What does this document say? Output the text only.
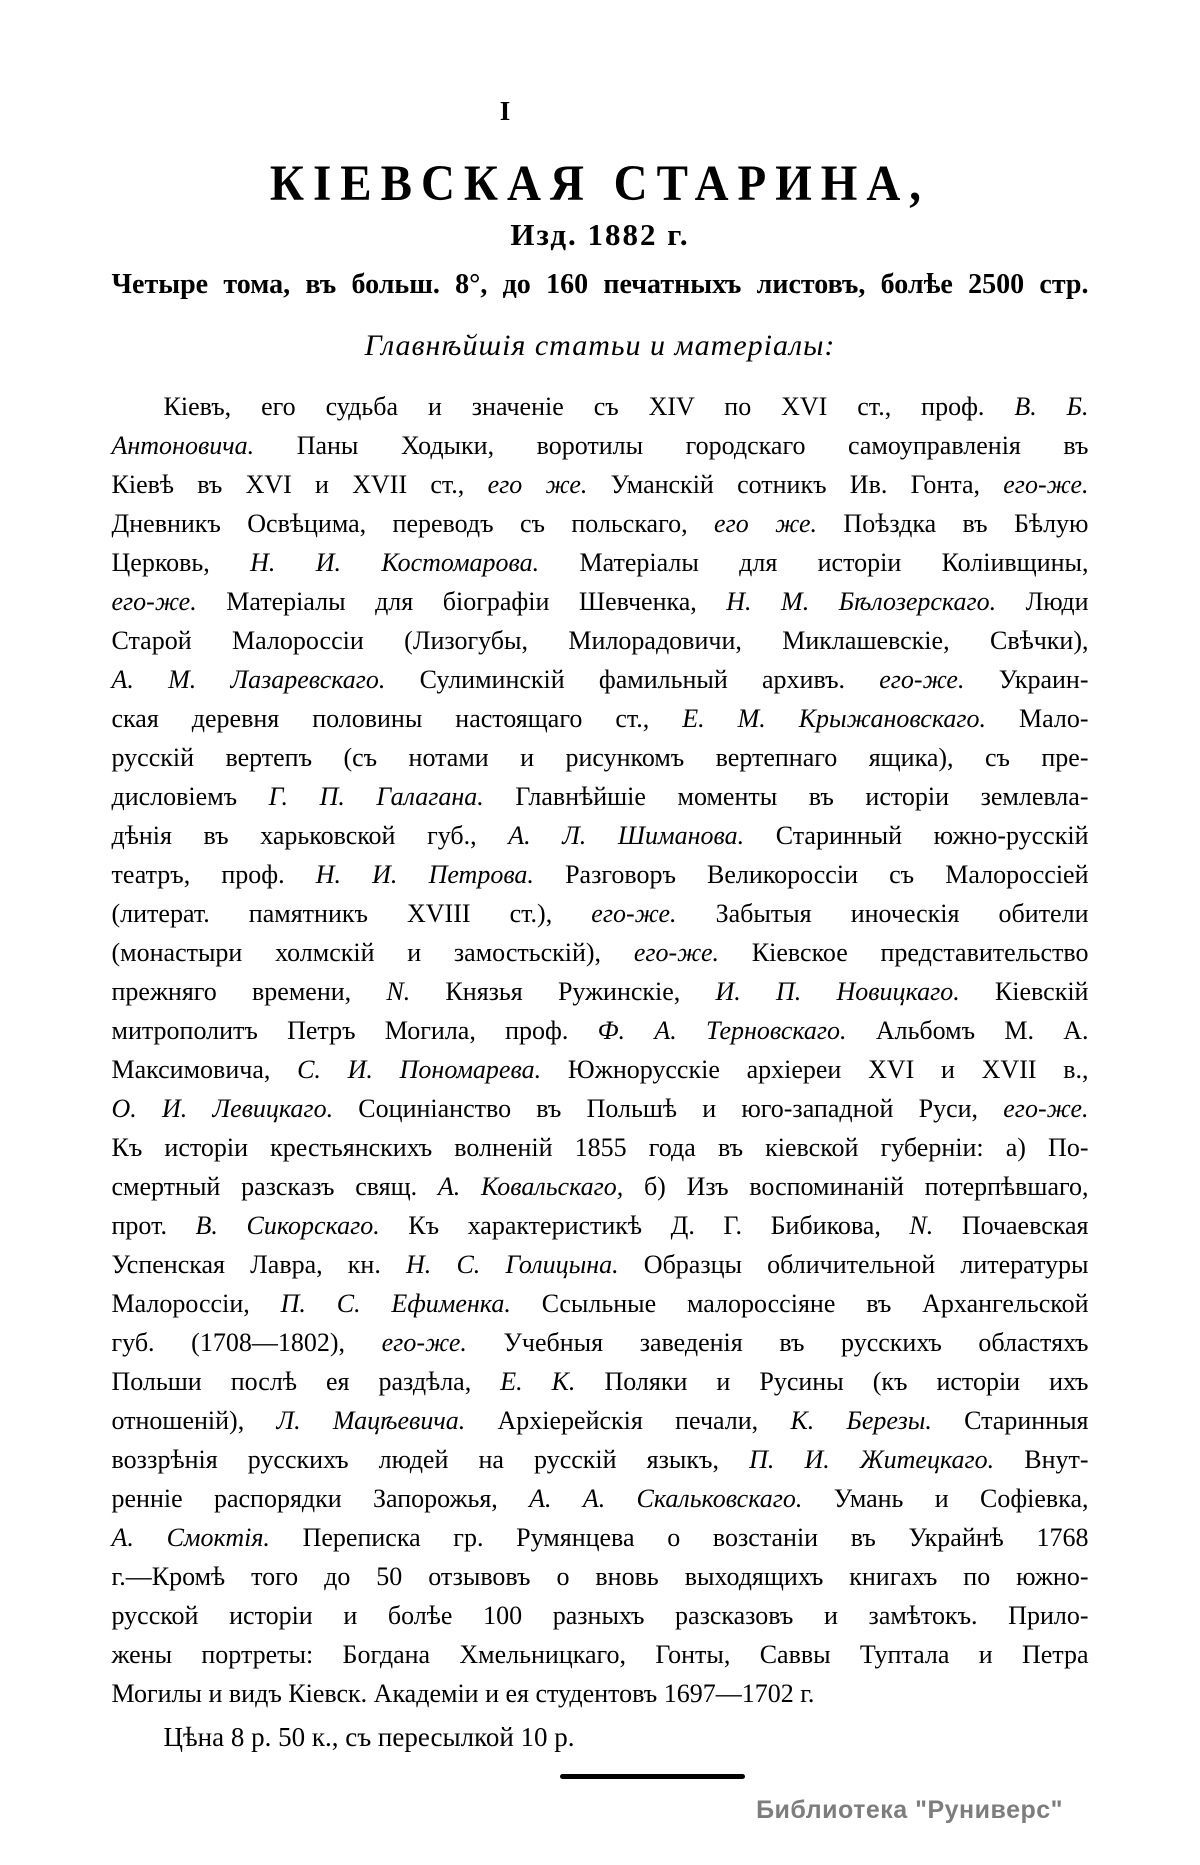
I
КІЕВСКАЯ СТАРИНА,
Изд. 1882 г.
Четыре тома, въ больш. 8°, до 160 печатныхъ листовъ, болѣе 2500 стр.
Главнѣйшія статьи и матеріалы:
Кіевъ, его судьба и значеніе съ XIV по XVI ст., проф. В. Б.
Антоновича. Паны Ходыки, воротилы городскаго самоуправленія въ
Кіевѣ въ XVI и XVII ст., его же. Уманскій сотникъ Ив. Гонта, его-же.
Дневникъ Освѣцима, переводъ съ польскаго, его же. Поѣздка въ Бѣлую
Церковь, Н. И. Костомарова. Матеріалы для исторіи Коліивщины,
его-же. Матеріалы для біографіи Шевченка, Н. М. Бѣлозерскаго. Люди
Старой Малороссіи (Лизогубы, Милорадовичи, Миклашевскіе, Свѣчки),
А. М. Лазаревскаго. Сулиминскій фамильный архивъ. его-же. Украин-
ская деревня половины настоящаго ст., Е. М. Крыжановскаго. Мало-
русскій вертепъ (съ нотами и рисункомъ вертепнаго ящика), съ пре-
дисловіемъ Г. П. Галагана. Главнѣйшіе моменты въ исторіи землевла-
дѣнія въ харьковской губ., А. Л. Шиманова. Старинный южно-русскій
театръ, проф. Н. И. Петрова. Разговоръ Великороссіи съ Малороссіей
(литерат. памятникъ XVIII ст.), его-же. Забытыя иноческія обители
(монастыри холмскій и замостьскій), его-же. Кіевское представительство
прежняго времени, N. Князья Ружинскіе, И. П. Новицкаго. Кіевскій
митрополитъ Петръ Могила, проф. Ф. А. Терновскаго. Альбомъ М. А.
Максимовича, С. И. Пономарева. Южнорусскіе архіереи XVI и XVII в.,
О. И. Левицкаго. Социніанство въ Польшѣ и юго-западной Руси, его-же.
Къ исторіи крестьянскихъ волненій 1855 года въ кіевской губерніи: а) По-
смертный разсказъ свящ. А. Ковальскаго, б) Изъ воспоминаній потерпѣвшаго,
прот. В. Сикорскаго. Къ характеристикѣ Д. Г. Бибикова, N. Почаевская
Успенская Лавра, кн. Н. С. Голицына. Образцы обличительной литературы
Малороссіи, П. С. Ефименка. Ссыльные малороссіяне въ Архангельской
губ. (1708—1802), его-же. Учебныя заведенія въ русскихъ областяхъ
Польши послѣ ея раздѣла, Е. К. Поляки и Русины (къ исторіи ихъ
отношеній), Л. Мацѣевича. Архіерейскія печали, К. Березы. Старинныя
воззрѣнія русскихъ людей на русскій языкъ, П. И. Житецкаго. Внут-
ренніе распорядки Запорожья, А. А. Скальковскаго. Умань и Софіевка,
А. Смоктія. Переписка гр. Румянцева о возстаніи въ Украйнѣ 1768
г.—Кромѣ того до 50 отзывовъ о вновь выходящихъ книгахъ по южно-
русской исторіи и болѣе 100 разныхъ разсказовъ и замѣтокъ. Прило-
жены портреты: Богдана Хмельницкаго, Гонты, Саввы Туптала и Петра
Могилы и видъ Кіевск. Академіи и ея студентовъ 1697—1702 г.
Цѣна 8 р. 50 к., съ пересылкой 10 р.
Библиотека "Руниверс"
